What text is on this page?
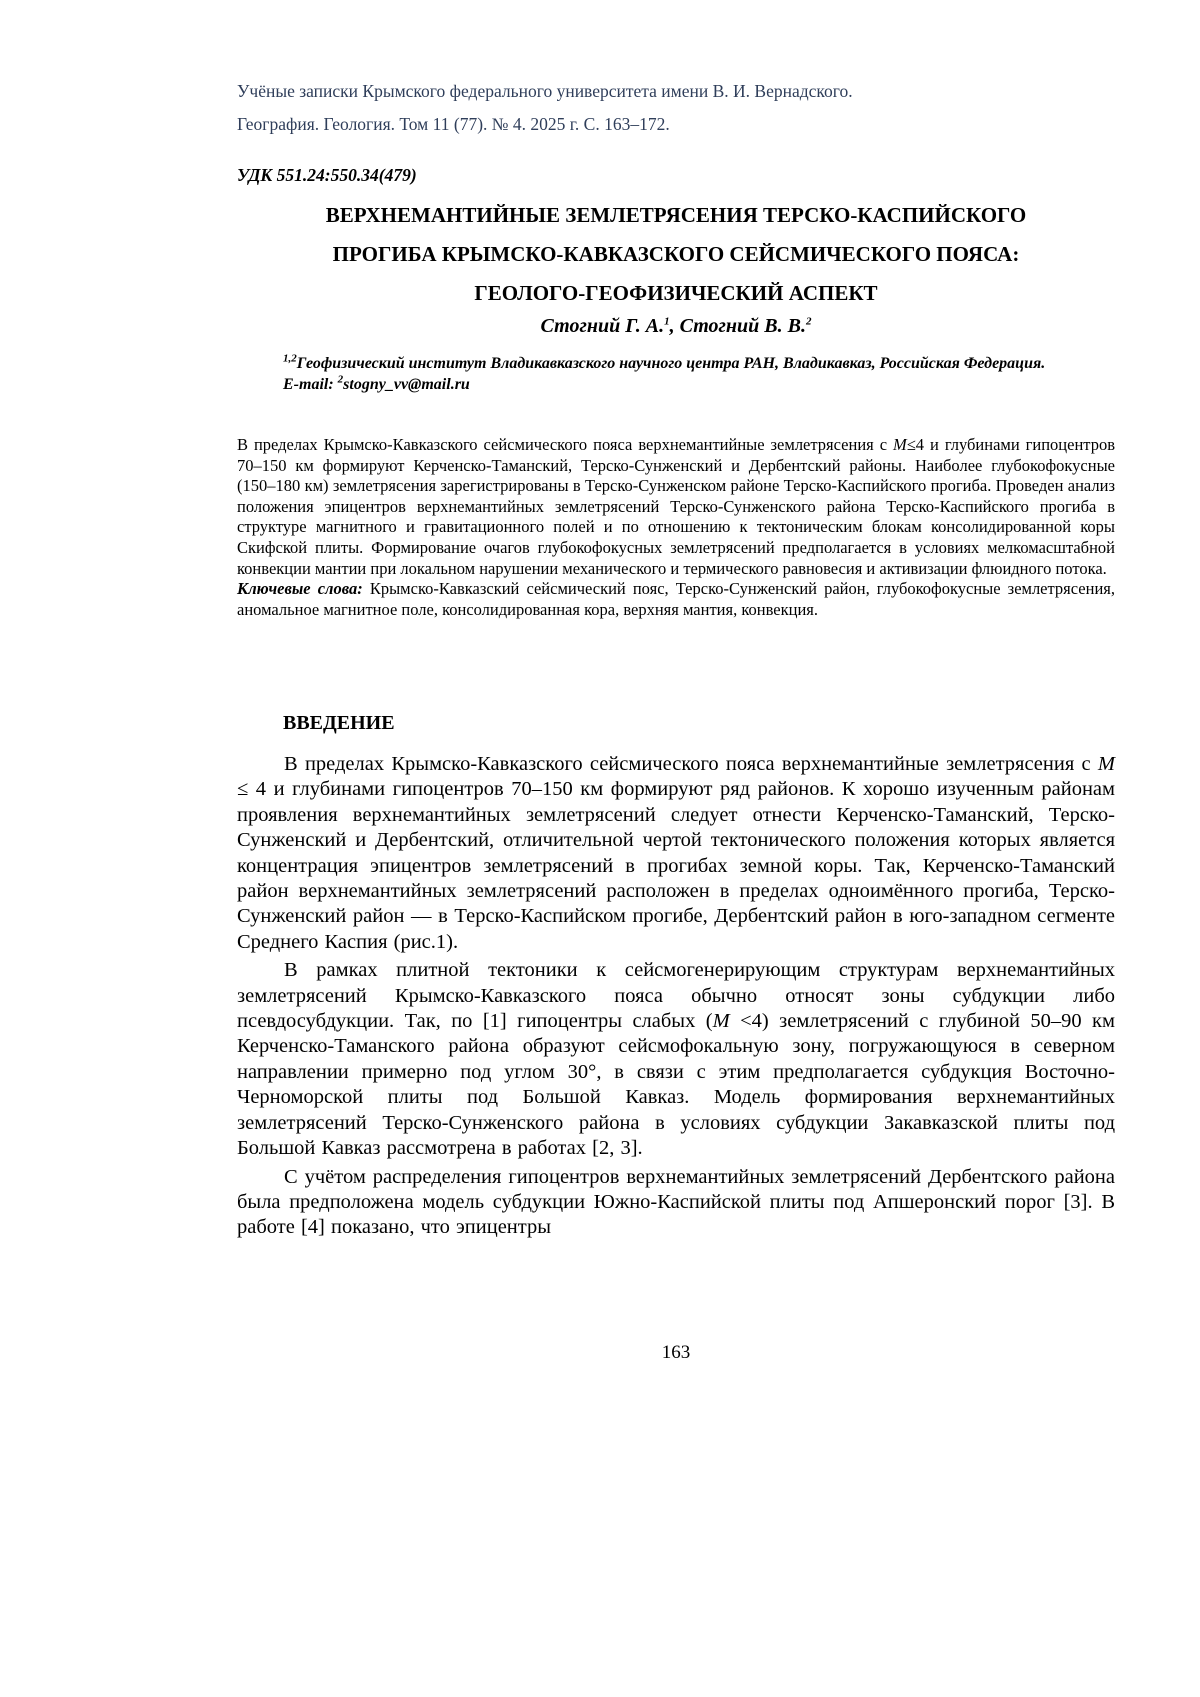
Учёные записки Крымского федерального университета имени В. И. Вернадского.
География. Геология. Том 11 (77). № 4. 2025 г. С. 163–172.
УДК 551.24:550.34(479)
ВЕРХНЕМАНТИЙНЫЕ ЗЕМЛЕТРЯСЕНИЯ ТЕРСКО-КАСПИЙСКОГО
ПРОГИБА КРЫМСКО-КАВКАЗСКОГО СЕЙСМИЧЕСКОГО ПОЯСА:
ГЕОЛОГО-ГЕОФИЗИЧЕСКИЙ АСПЕКТ
Стогний Г. А.$^1$, Стогний В. В.$^2$
$^{1,2}$Геофизический институт Владикавказского научного центра РАН, Владикавказ, Российская Федерация.
E-mail: $^2$stogny_vv@mail.ru
В пределах Крымско-Кавказского сейсмического пояса верхнемантийные землетрясения с M≤4 и глубинами гипоцентров 70–150 км формируют Керченско-Таманский, Терско-Сунженский и Дербентский районы. Наиболее глубокофокусные (150–180 км) землетрясения зарегистрированы в Терско-Сунженском районе Терско-Каспийского прогиба. Проведен анализ положения эпицентров верхнемантийных землетрясений Терско-Сунженского района Терско-Каспийского прогиба в структуре магнитного и гравитационного полей и по отношению к тектоническим блокам консолидированной коры Скифской плиты. Формирование очагов глубокофокусных землетрясений предполагается в условиях мелкомасштабной конвекции мантии при локальном нарушении механического и термического равновесия и активизации флюидного потока.
Ключевые слова: Крымско-Кавказский сейсмический пояс, Терско-Сунженский район, глубокофокусные землетрясения, аномальное магнитное поле, консолидированная кора, верхняя мантия, конвекция.
ВВЕДЕНИЕ

В пределах Крымско-Кавказского сейсмического пояса верхнемантийные землетрясения с M ≤ 4 и глубинами гипоцентров 70–150 км формируют ряд районов. К хорошо изученным районам проявления верхнемантийных землетрясений следует отнести Керченско-Таманский, Терско-Сунженский и Дербентский, отличительной чертой тектонического положения которых является концентрация эпицентров землетрясений в прогибах земной коры. Так, Керченско-Таманский район верхнемантийных землетрясений расположен в пределах одноимённого прогиба, Терско-Сунженский район — в Терско-Каспийском прогибе, Дербентский район в юго-западном сегменте Среднего Каспия (рис.1).

В рамках плитной тектоники к сейсмогенерирующим структурам верхнемантийных землетрясений Крымско-Кавказского пояса обычно относят зоны субдукции либо псевдосубдукции. Так, по [1] гипоцентры слабых (M <4) землетрясений с глубиной 50–90 км Керченско-Таманского района образуют сейсмофокальную зону, погружающуюся в северном направлении примерно под углом 30°, в связи с этим предполагается субдукция Восточно-Черноморской плиты под Большой Кавказ. Модель формирования верхнемантийных землетрясений Терско-Сунженского района в условиях субдукции Закавказской плиты под Большой Кавказ рассмотрена в работах [2, 3].

С учётом распределения гипоцентров верхнемантийных землетрясений Дербентского района была предположена модель субдукции Южно-Каспийской плиты под Апшеронский порог [3]. В работе [4] показано, что эпицентры

163
